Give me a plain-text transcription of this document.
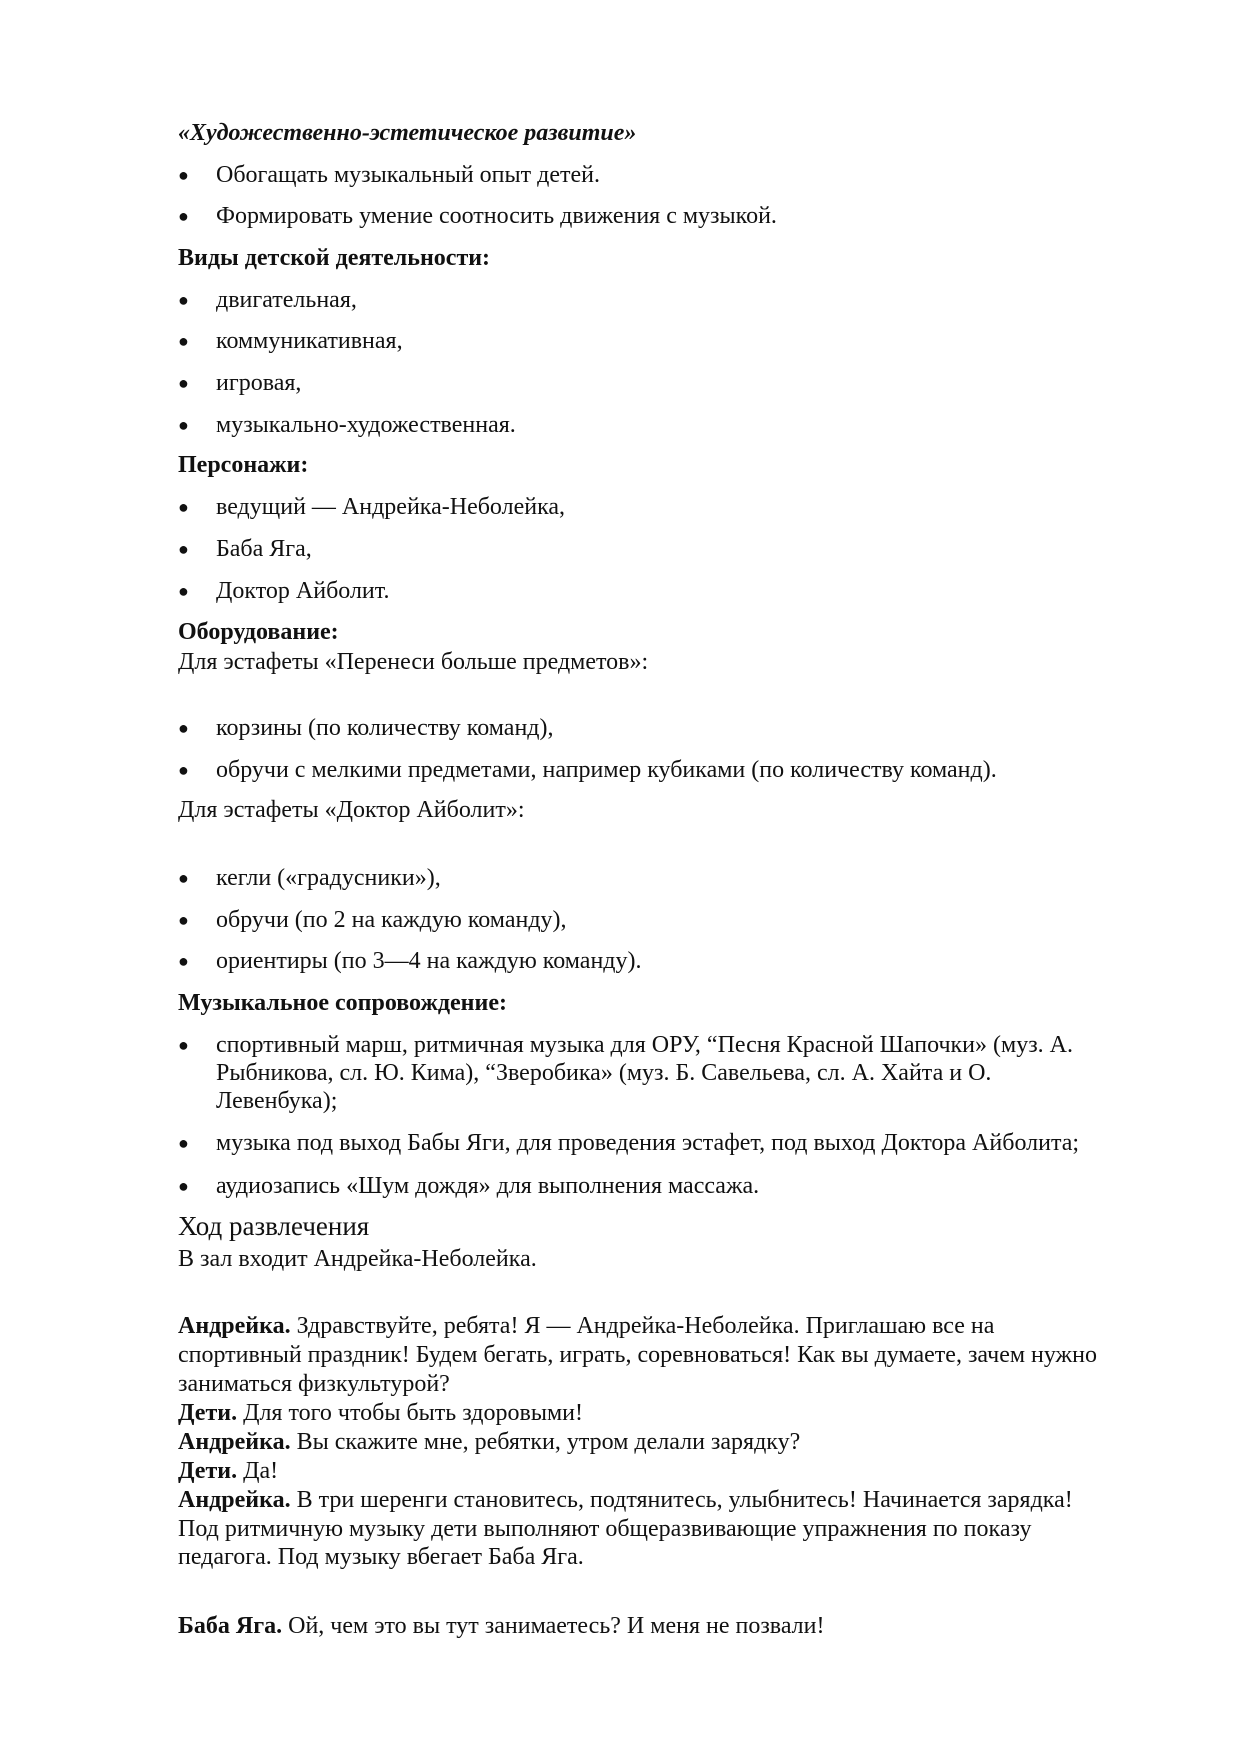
«Художественно-эстетическое развитие»
● Обогащать музыкальный опыт детей.
● Формировать умение соотносить движения с музыкой.
Виды детской деятельности:
● двигательная,
● коммуникативная,
● игровая,
● музыкально-художественная.
Персонажи:
● ведущий — Андрейка-Неболейка,
● Баба Яга,
● Доктор Айболит.
Оборудование:
Для эстафеты «Перенеси больше предметов»:
● корзины (по количеству команд),
● обручи с мелкими предметами, например кубиками (по количеству команд).
Для эстафеты «Доктор Айболит»:
● кегли («градусники»),
● обручи (по 2 на каждую команду),
● ориентиры (по 3—4 на каждую команду).
Музыкальное сопровождение:
● спортивный марш, ритмичная музыка для ОРУ, “Песня Красной Шапочки» (муз. А.
Рыбникова, сл. Ю. Кима), “Зверобика» (муз. Б. Савельева, сл. А. Хайта и О.
Левенбука);
● музыка под выход Бабы Яги, для проведения эстафет, под выход Доктора Айболита;
● аудиозапись «Шум дождя» для выполнения массажа.
Ход развлечения
В зал входит Андрейка-Неболейка.
Андрейка. Здравствуйте, ребята! Я — Андрейка-Неболейка. Приглашаю все на
спортивный праздник! Будем бегать, играть, соревноваться! Как вы думаете, зачем нужно
заниматься физкультурой?
Дети. Для того чтобы быть здоровыми!
Андрейка. Вы скажите мне, ребятки, утром делали зарядку?
Дети. Да!
Андрейка. В три шеренги становитесь, подтянитесь, улыбнитесь! Начинается зарядка!
Под ритмичную музыку дети выполняют общеразвивающие упражнения по показу
педагога. Под музыку вбегает Баба Яга.
Баба Яга. Ой, чем это вы тут занимаетесь? И меня не позвали!
